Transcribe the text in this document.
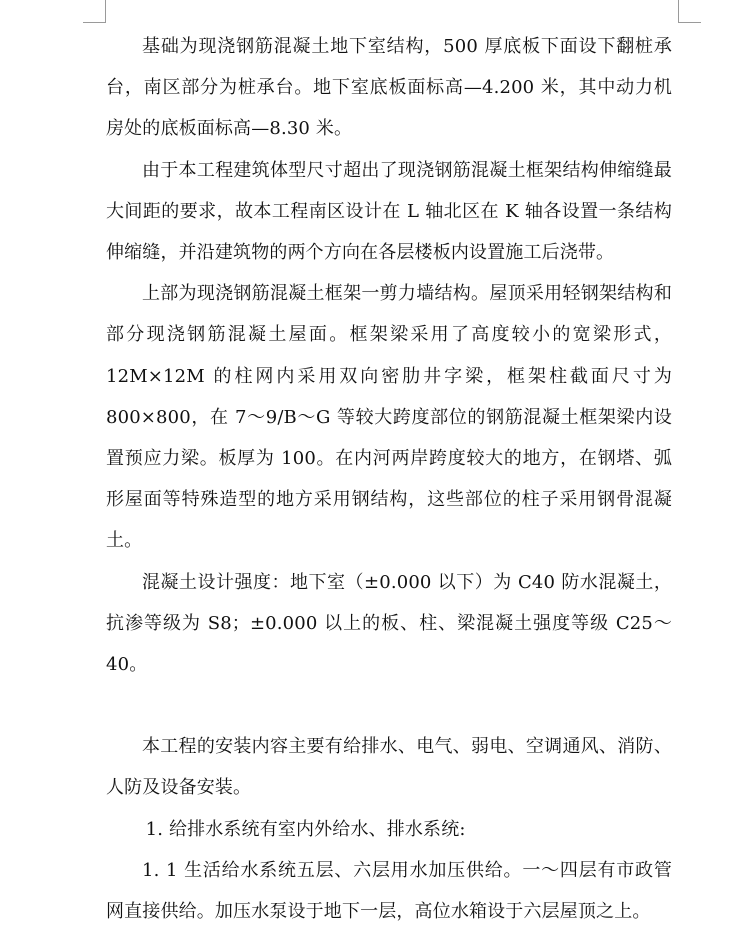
基础为现浇钢筋混凝土地下室结构，500 厚底板下面设下翻桩承台，南区部分为桩承台。地下室底板面标高—4.200 米，其中动力机房处的底板面标高—8.30 米。

由于本工程建筑体型尺寸超出了现浇钢筋混凝土框架结构伸缩缝最大间距的要求，故本工程南区设计在 L 轴北区在 K 轴各设置一条结构伸缩缝，并沿建筑物的两个方向在各层楼板内设置施工后浇带。

上部为现浇钢筋混凝土框架一剪力墙结构。屋顶采用轻钢架结构和部分现浇钢筋混凝土屋面。框架梁采用了高度较小的宽梁形式，12M×12M 的柱网内采用双向密肋井字梁，框架柱截面尺寸为 800×800，在 7～9/B～G 等较大跨度部位的钢筋混凝土框架梁内设置预应力梁。板厚为 100。在内河两岸跨度较大的地方，在钢塔、弧形屋面等特殊造型的地方采用钢结构，这些部位的柱子采用钢骨混凝土。

混凝土设计强度：地下室（±0.000 以下）为 C40 防水混凝土，抗渗等级为 S8；±0.000 以上的板、柱、梁混凝土强度等级 C25～40。

本工程的安装内容主要有给排水、电气、弱电、空调通风、消防、人防及设备安装。

1. 给排水系统有室内外给水、排水系统:

1. 1 生活给水系统五层、六层用水加压供给。一～四层有市政管网直接供给。加压水泵设于地下一层，高位水箱设于六层屋顶之上。
